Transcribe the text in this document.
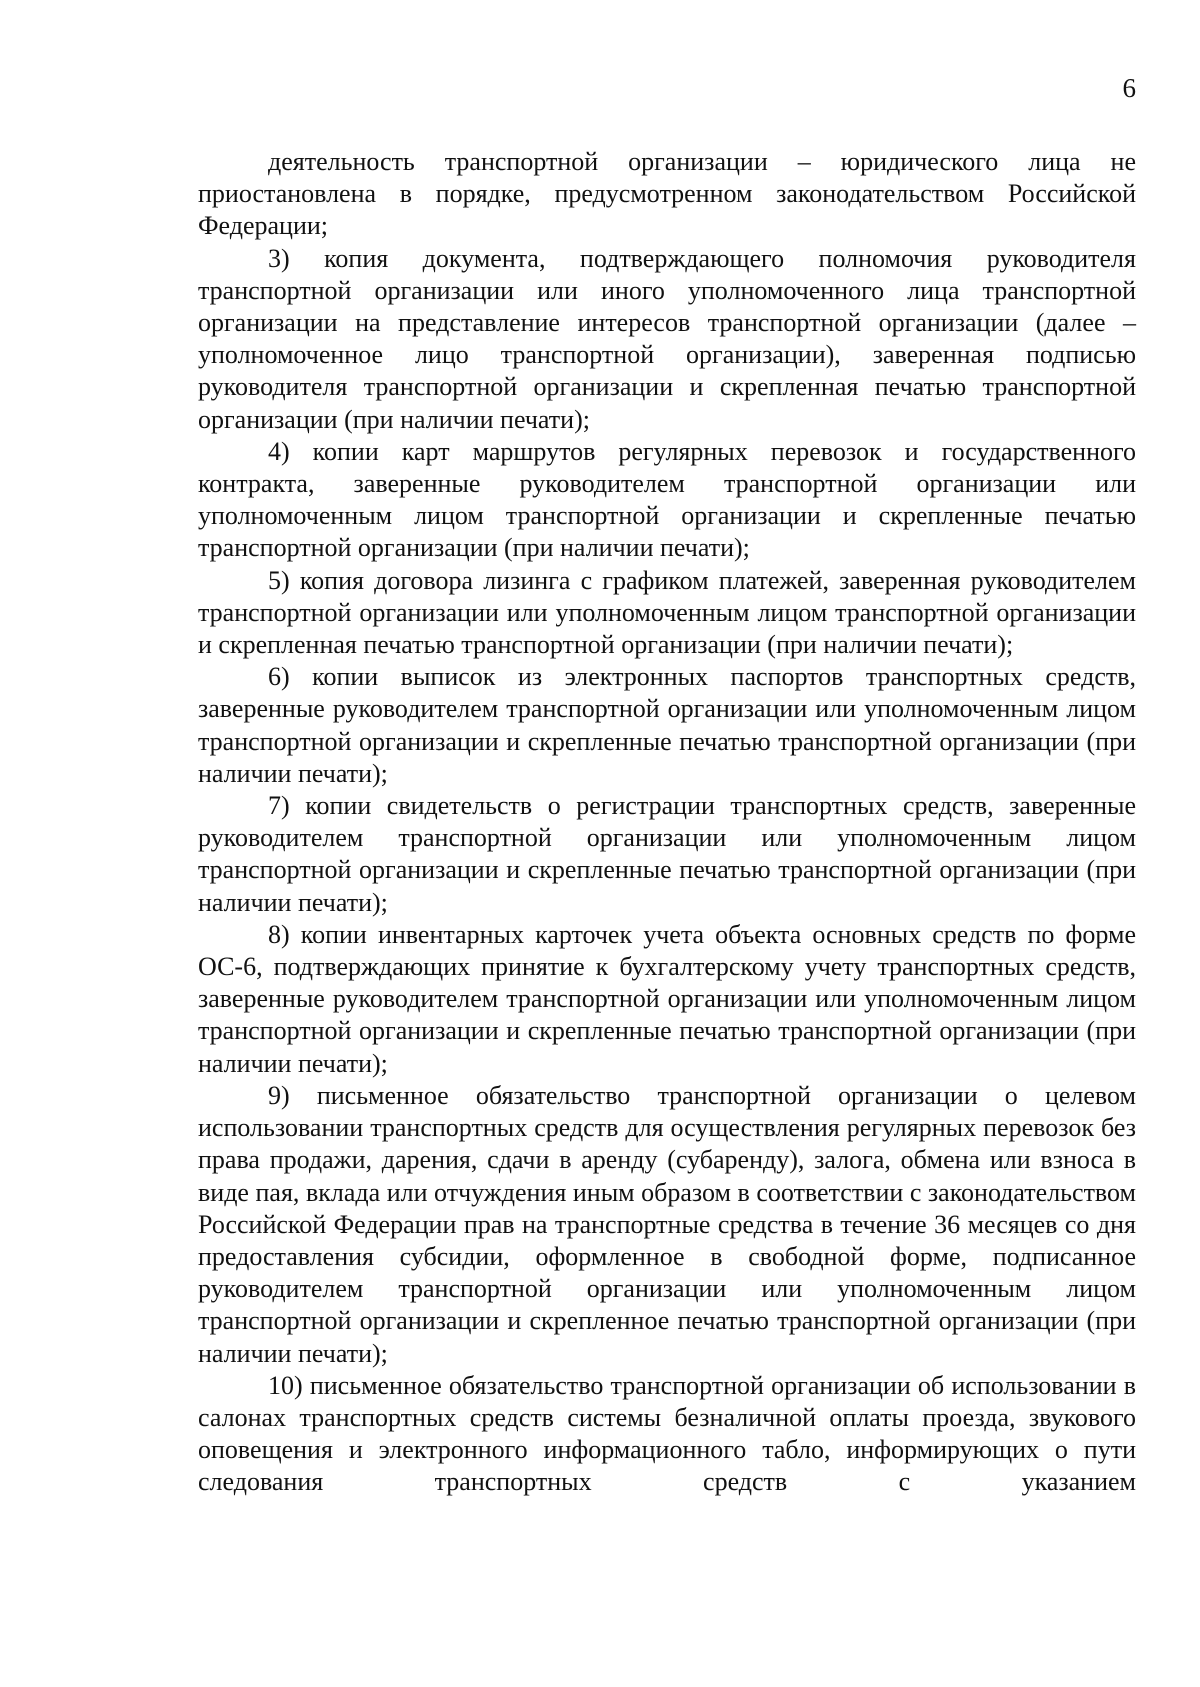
6

деятельность транспортной организации – юридического лица не приостановлена в порядке, предусмотренном законодательством Российской Федерации;

3) копия документа, подтверждающего полномочия руководителя транспортной организации или иного уполномоченного лица транспортной организации на представление интересов транспортной организации (далее – уполномоченное лицо транспортной организации), заверенная подписью руководителя транспортной организации и скрепленная печатью транспортной организации (при наличии печати);

4) копии карт маршрутов регулярных перевозок и государственного контракта, заверенные руководителем транспортной организации или уполномоченным лицом транспортной организации и скрепленные печатью транспортной организации (при наличии печати);

5) копия договора лизинга с графиком платежей, заверенная руководителем транспортной организации или уполномоченным лицом транспортной организации и скрепленная печатью транспортной организации (при наличии печати);

6) копии выписок из электронных паспортов транспортных средств, заверенные руководителем транспортной организации или уполномоченным лицом транспортной организации и скрепленные печатью транспортной организации (при наличии печати);

7) копии свидетельств о регистрации транспортных средств, заверенные руководителем транспортной организации или уполномоченным лицом транспортной организации и скрепленные печатью транспортной организации (при наличии печати);

8) копии инвентарных карточек учета объекта основных средств по форме ОС-6, подтверждающих принятие к бухгалтерскому учету транспортных средств, заверенные руководителем транспортной организации или уполномоченным лицом транспортной организации и скрепленные печатью транспортной организации (при наличии печати);

9) письменное обязательство транспортной организации о целевом использовании транспортных средств для осуществления регулярных перевозок без права продажи, дарения, сдачи в аренду (субаренду), залога, обмена или взноса в виде пая, вклада или отчуждения иным образом в соответствии с законодательством Российской Федерации прав на транспортные средства в течение 36 месяцев со дня предоставления субсидии, оформленное в свободной форме, подписанное руководителем транспортной организации или уполномоченным лицом транспортной организации и скрепленное печатью транспортной организации (при наличии печати);

10) письменное обязательство транспортной организации об использовании в салонах транспортных средств системы безналичной оплаты проезда, звукового оповещения и электронного информационного табло, информирующих о пути следования транспортных средств с указанием
